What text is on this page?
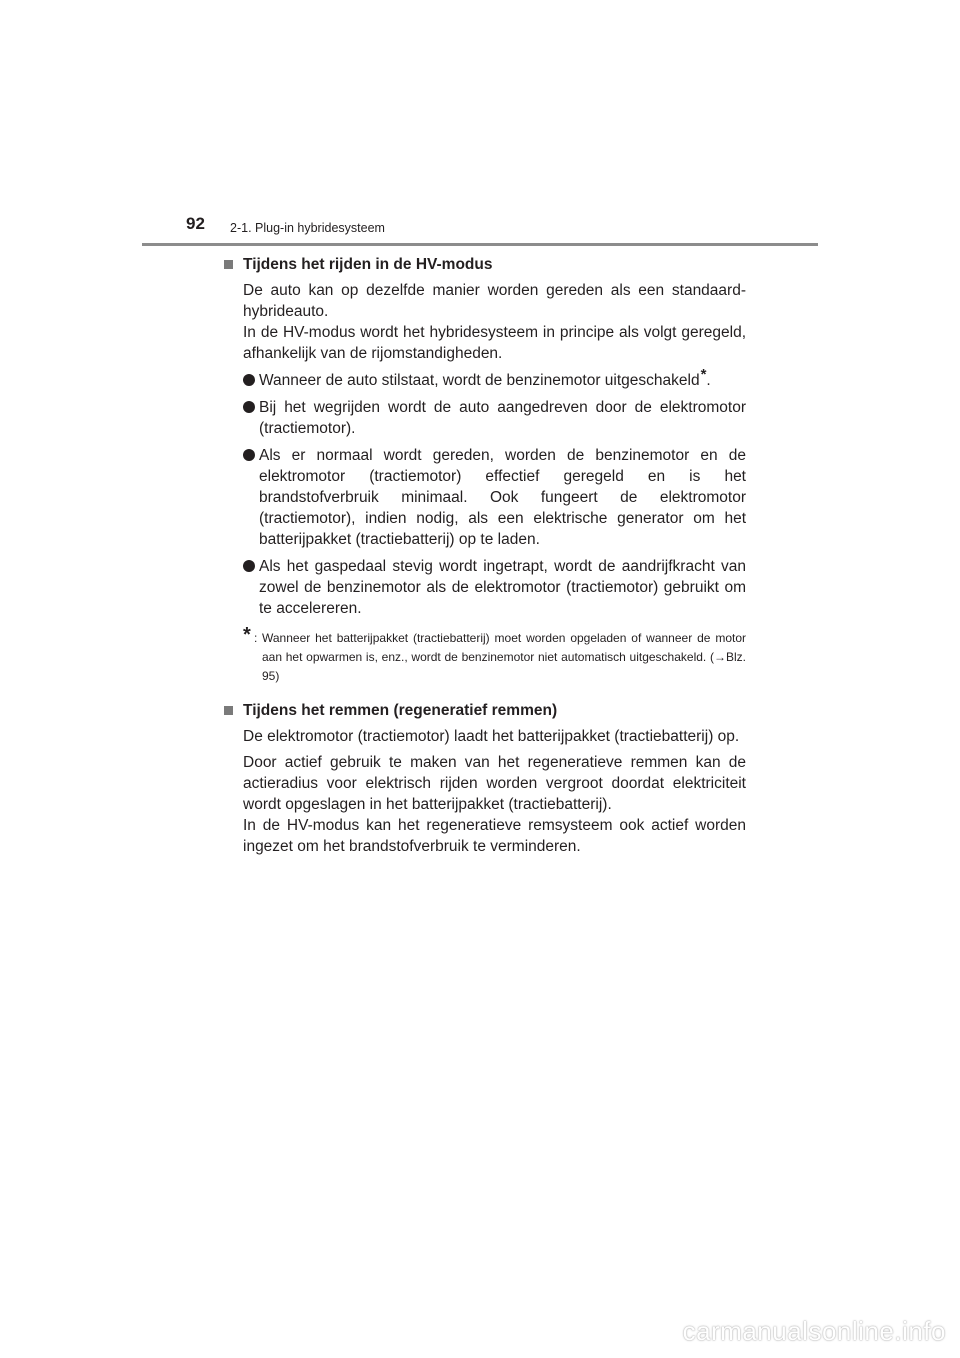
92 2-1. Plug-in hybridesysteem
Tijdens het rijden in de HV-modus
De auto kan op dezelfde manier worden gereden als een standaard-hybrideauto.
In de HV-modus wordt het hybridesysteem in principe als volgt geregeld, afhankelijk van de rijomstandigheden.
Wanneer de auto stilstaat, wordt de benzinemotor uitgeschakeld*.
Bij het wegrijden wordt de auto aangedreven door de elektromotor (tractiemotor).
Als er normaal wordt gereden, worden de benzinemotor en de elektromotor (tractiemotor) effectief geregeld en is het brandstofverbruik minimaal. Ook fungeert de elektromotor (tractiemotor), indien nodig, als een elektrische generator om het batterijpakket (tractiebatterij) op te laden.
Als het gaspedaal stevig wordt ingetrapt, wordt de aandrijfkracht van zowel de benzinemotor als de elektromotor (tractiemotor) gebruikt om te accelereren.
* : Wanneer het batterijpakket (tractiebatterij) moet worden opgeladen of wanneer de motor aan het opwarmen is, enz., wordt de benzinemotor niet automatisch uitgeschakeld. (→Blz. 95)
Tijdens het remmen (regeneratief remmen)
De elektromotor (tractiemotor) laadt het batterijpakket (tractiebatterij) op.
Door actief gebruik te maken van het regeneratieve remmen kan de actieradius voor elektrisch rijden worden vergroot doordat elektriciteit wordt opgeslagen in het batterijpakket (tractiebatterij).
In de HV-modus kan het regeneratieve remsysteem ook actief worden ingezet om het brandstofverbruik te verminderen.
carmanualsonline.info
